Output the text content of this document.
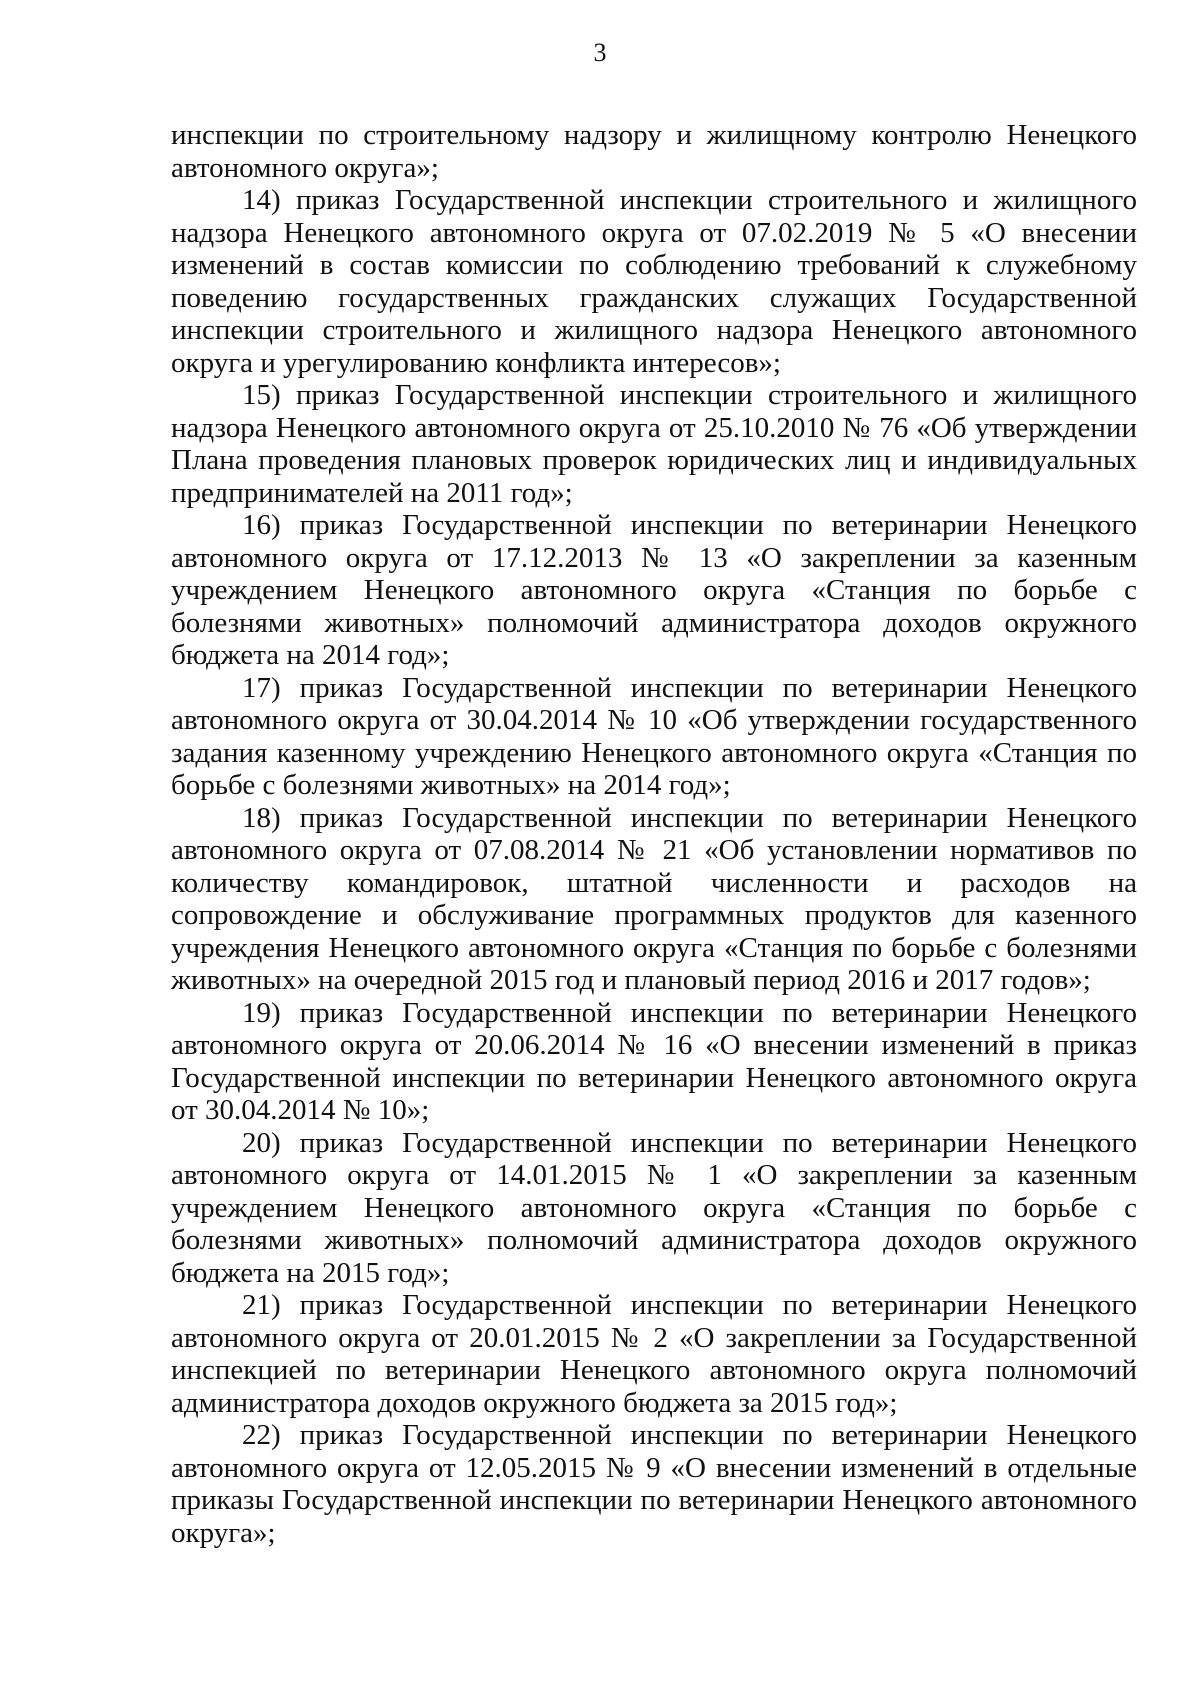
3

инспекции по строительному надзору и жилищному контролю Ненецкого автономного округа»;

14) приказ Государственной инспекции строительного и жилищного надзора Ненецкого автономного округа от 07.02.2019 № 5 «О внесении изменений в состав комиссии по соблюдению требований к служебному поведению государственных гражданских служащих Государственной инспекции строительного и жилищного надзора Ненецкого автономного округа и урегулированию конфликта интересов»;

15) приказ Государственной инспекции строительного и жилищного надзора Ненецкого автономного округа от 25.10.2010 № 76 «Об утверждении Плана проведения плановых проверок юридических лиц и индивидуальных предпринимателей на 2011 год»;

16) приказ Государственной инспекции по ветеринарии Ненецкого автономного округа от 17.12.2013 № 13 «О закреплении за казенным учреждением Ненецкого автономного округа «Станция по борьбе с болезнями животных» полномочий администратора доходов окружного бюджета на 2014 год»;

17) приказ Государственной инспекции по ветеринарии Ненецкого автономного округа от 30.04.2014 № 10 «Об утверждении государственного задания казенному учреждению Ненецкого автономного округа «Станция по борьбе с болезнями животных» на 2014 год»;

18) приказ Государственной инспекции по ветеринарии Ненецкого автономного округа от 07.08.2014 № 21 «Об установлении нормативов по количеству командировок, штатной численности и расходов на сопровождение и обслуживание программных продуктов для казенного учреждения Ненецкого автономного округа «Станция по борьбе с болезнями животных» на очередной 2015 год и плановый период 2016 и 2017 годов»;

19) приказ Государственной инспекции по ветеринарии Ненецкого автономного округа от 20.06.2014 № 16 «О внесении изменений в приказ Государственной инспекции по ветеринарии Ненецкого автономного округа от 30.04.2014 № 10»;

20) приказ Государственной инспекции по ветеринарии Ненецкого автономного округа от 14.01.2015 № 1 «О закреплении за казенным учреждением Ненецкого автономного округа «Станция по борьбе с болезнями животных» полномочий администратора доходов окружного бюджета на 2015 год»;

21) приказ Государственной инспекции по ветеринарии Ненецкого автономного округа от 20.01.2015 № 2 «О закреплении за Государственной инспекцией по ветеринарии Ненецкого автономного округа полномочий администратора доходов окружного бюджета за 2015 год»;

22) приказ Государственной инспекции по ветеринарии Ненецкого автономного округа от 12.05.2015 № 9 «О внесении изменений в отдельные приказы Государственной инспекции по ветеринарии Ненецкого автономного округа»;
